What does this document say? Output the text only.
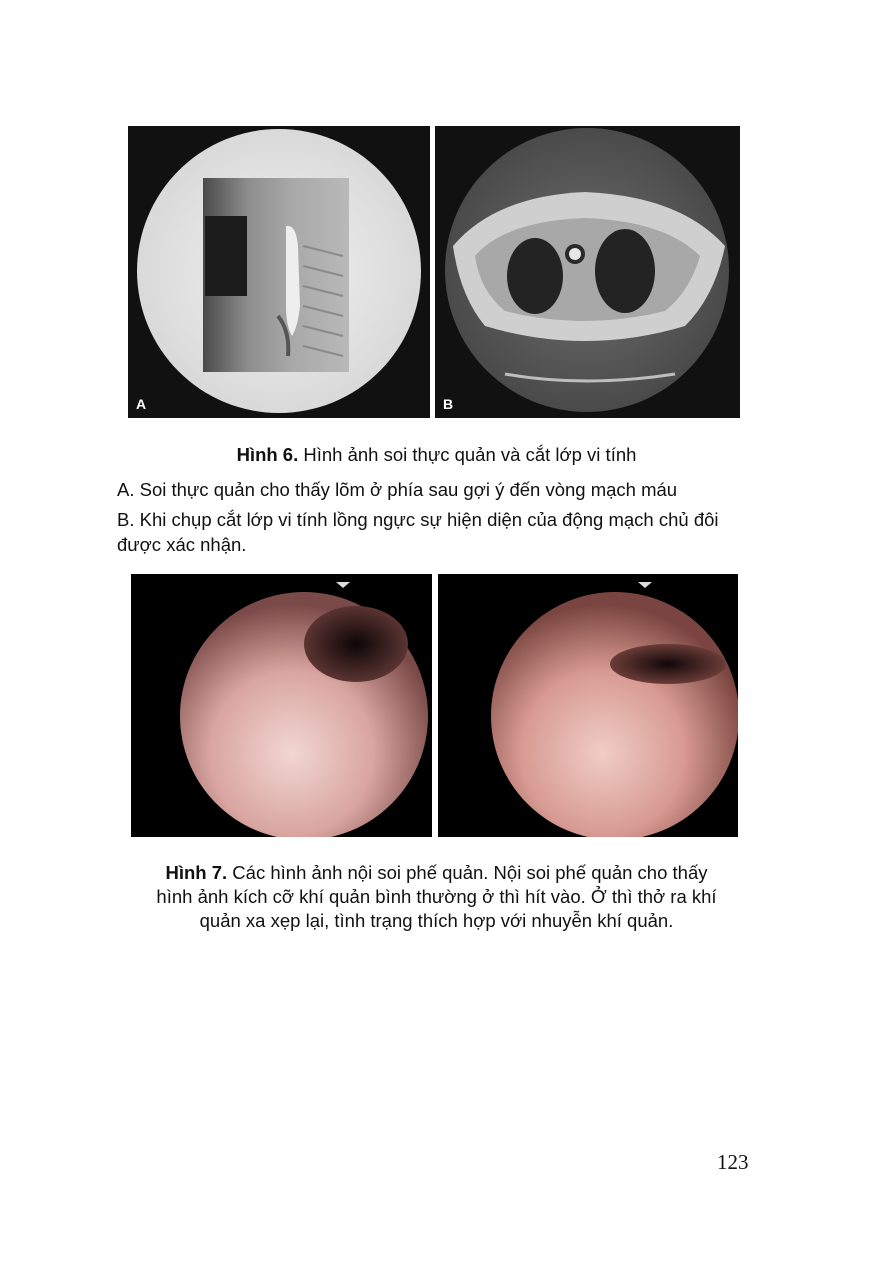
A	B
Hình 6. Hình ảnh soi thực quản và cắt lớp vi tính
A. Soi thực quản cho thấy lõm ở phía sau gợi ý đến vòng mạch máu
B. Khi chụp cắt lớp vi tính lồng ngực sự hiện diện của động mạch chủ đôi
được xác nhận.
Hình 7. Các hình ảnh nội soi phế quản. Nội soi phế quản cho thấy
hình ảnh kích cỡ khí quản bình thường ở thì hít vào. Ở thì thở ra khí
quản xa xẹp lại, tình trạng thích hợp với nhuyễn khí quản.
123
